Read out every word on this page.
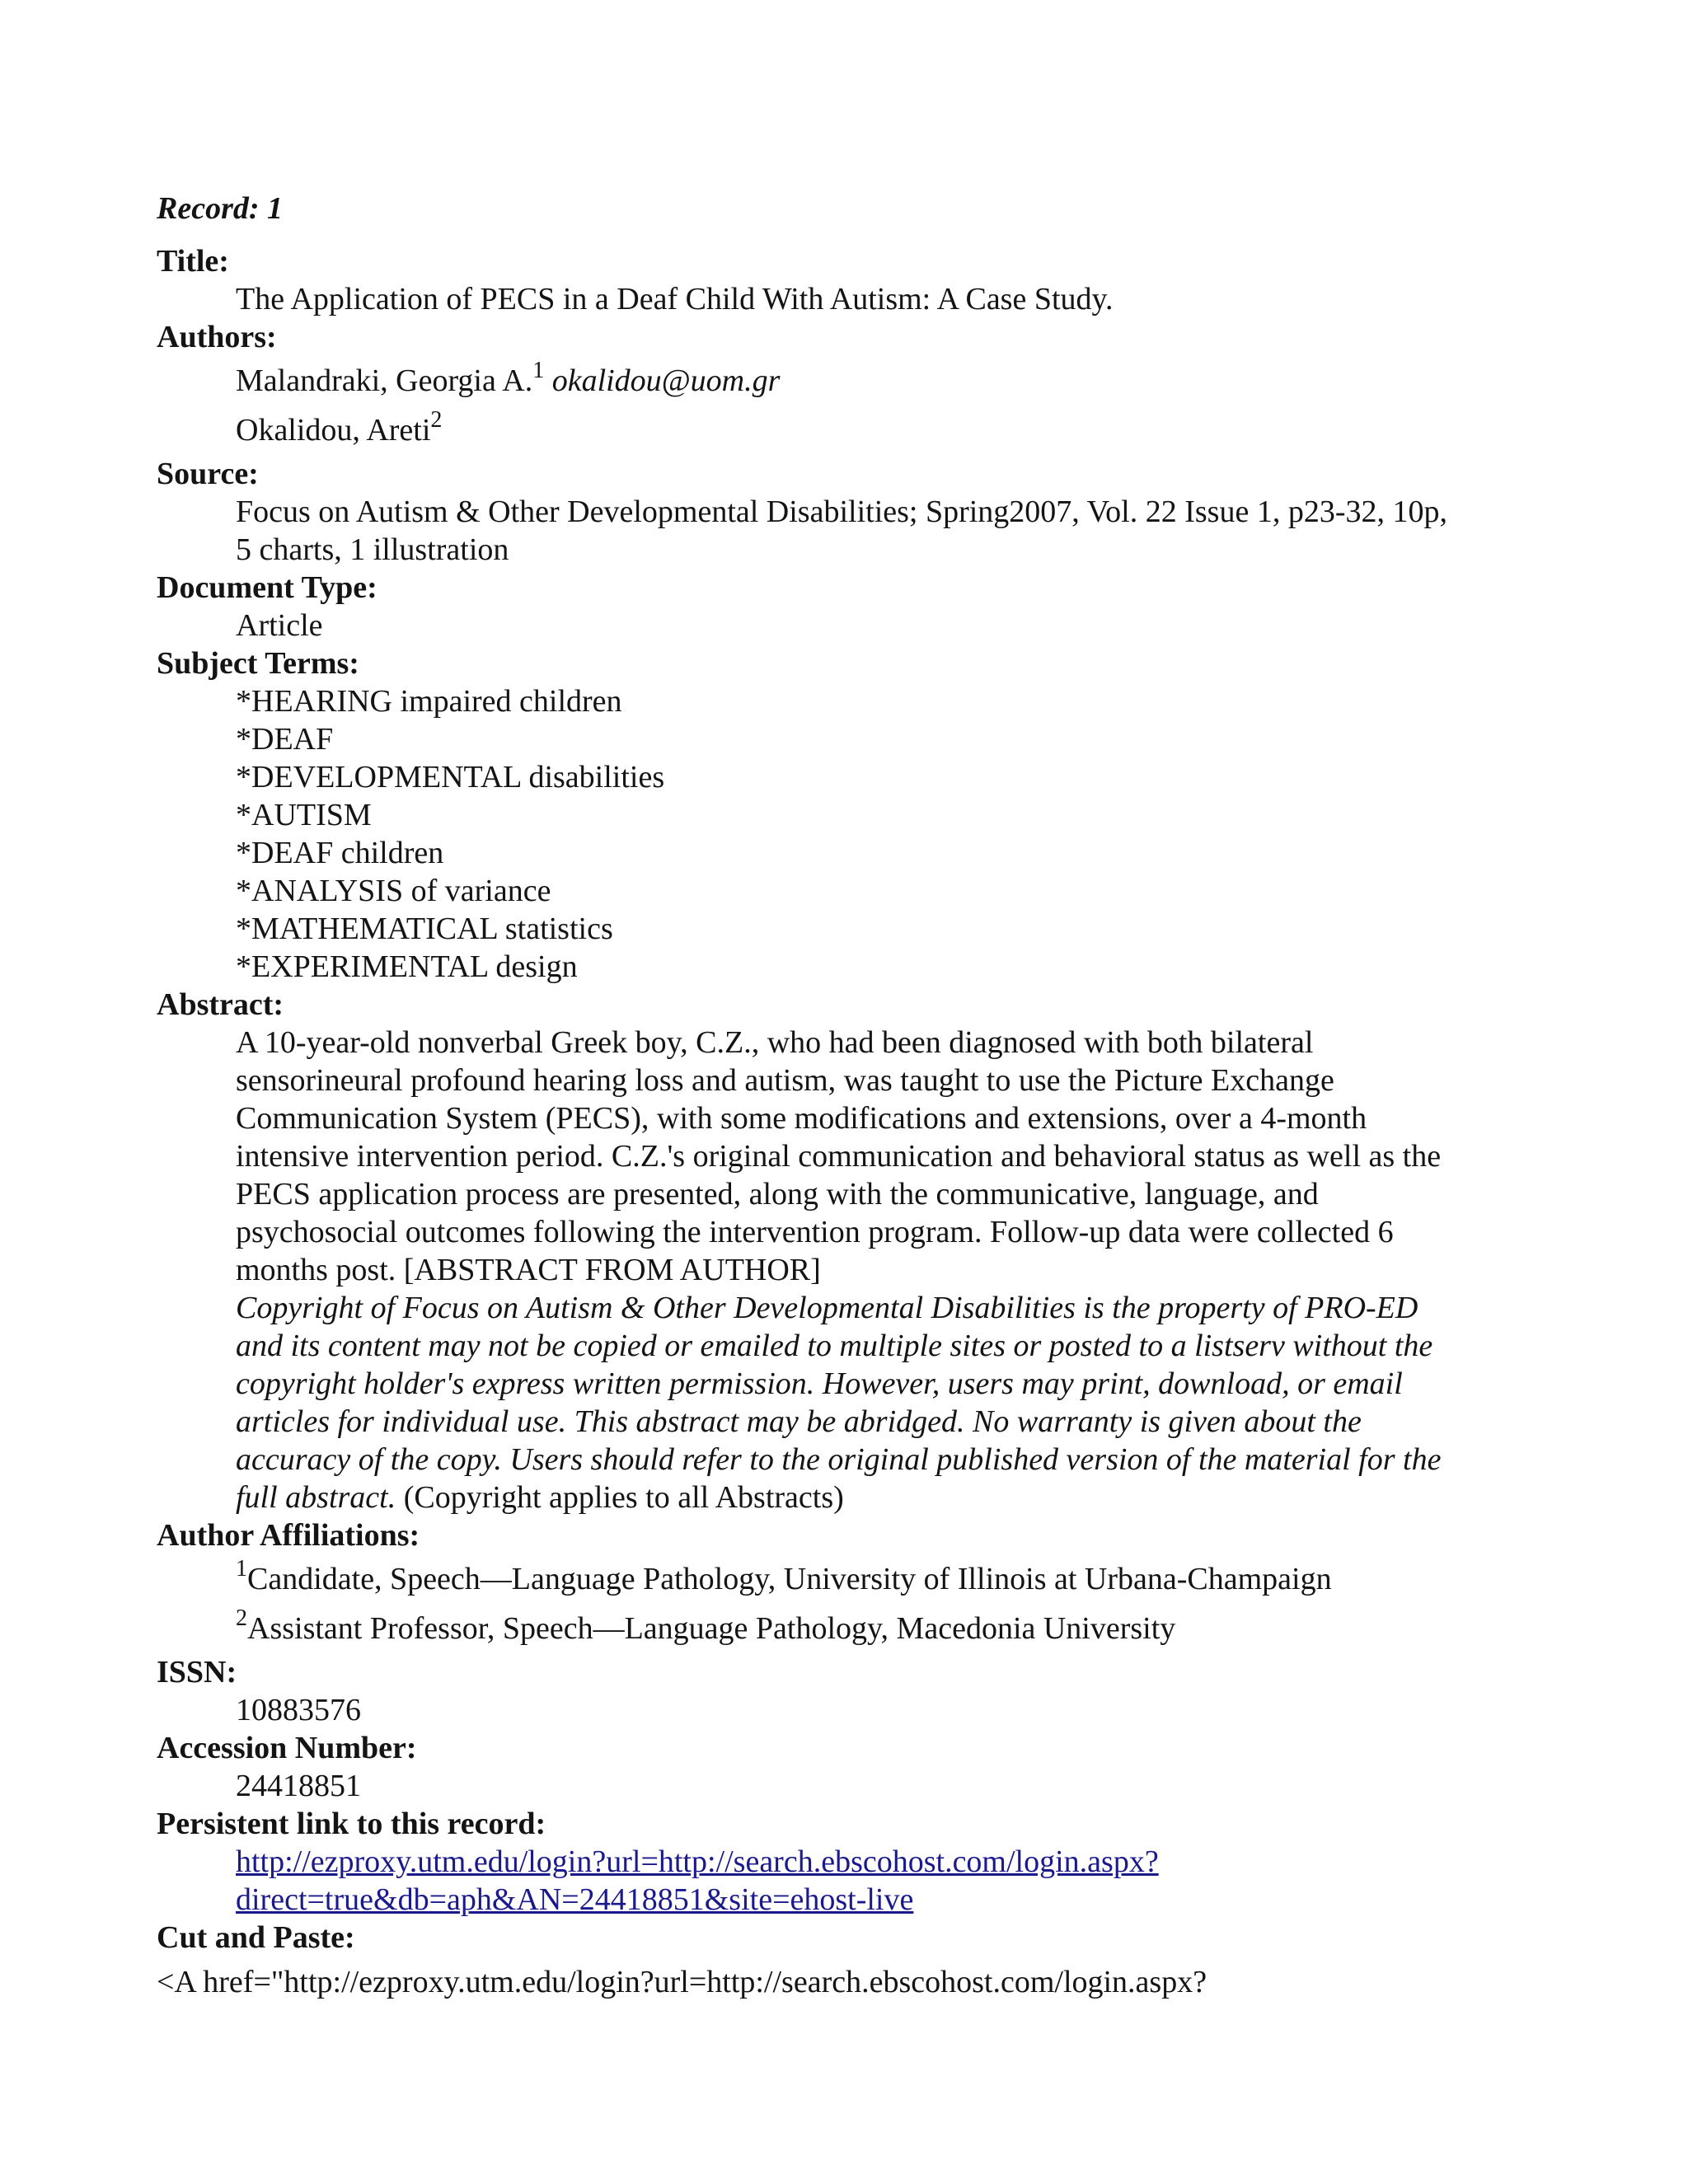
Record: 1
Title:
The Application of PECS in a Deaf Child With Autism: A Case Study.
Authors:
Malandraki, Georgia A.$^1$ okalidou@uom.gr
Okalidou, Areti$^2$
Source:
Focus on Autism & Other Developmental Disabilities; Spring2007, Vol. 22 Issue 1, p23-32, 10p,
5 charts, 1 illustration
Document Type:
Article
Subject Terms:
*HEARING impaired children
*DEAF
*DEVELOPMENTAL disabilities
*AUTISM
*DEAF children
*ANALYSIS of variance
*MATHEMATICAL statistics
*EXPERIMENTAL design
Abstract:
A 10-year-old nonverbal Greek boy, C.Z., who had been diagnosed with both bilateral
sensorineural profound hearing loss and autism, was taught to use the Picture Exchange
Communication System (PECS), with some modifications and extensions, over a 4-month
intensive intervention period. C.Z.'s original communication and behavioral status as well as the
PECS application process are presented, along with the communicative, language, and
psychosocial outcomes following the intervention program. Follow-up data were collected 6
months post. [ABSTRACT FROM AUTHOR]
Copyright of Focus on Autism & Other Developmental Disabilities is the property of PRO-ED
and its content may not be copied or emailed to multiple sites or posted to a listserv without the
copyright holder's express written permission. However, users may print, download, or email
articles for individual use. This abstract may be abridged. No warranty is given about the
accuracy of the copy. Users should refer to the original published version of the material for the
full abstract. (Copyright applies to all Abstracts)
Author Affiliations:
$^1$Candidate, Speech—Language Pathology, University of Illinois at Urbana-Champaign
$^2$Assistant Professor, Speech—Language Pathology, Macedonia University
ISSN:
10883576
Accession Number:
24418851
Persistent link to this record:
http://ezproxy.utm.edu/login?url=http://search.ebscohost.com/login.aspx?
direct=true&db=aph&AN=24418851&site=ehost-live
Cut and Paste:
<A href="http://ezproxy.utm.edu/login?url=http://search.ebscohost.com/login.aspx?
